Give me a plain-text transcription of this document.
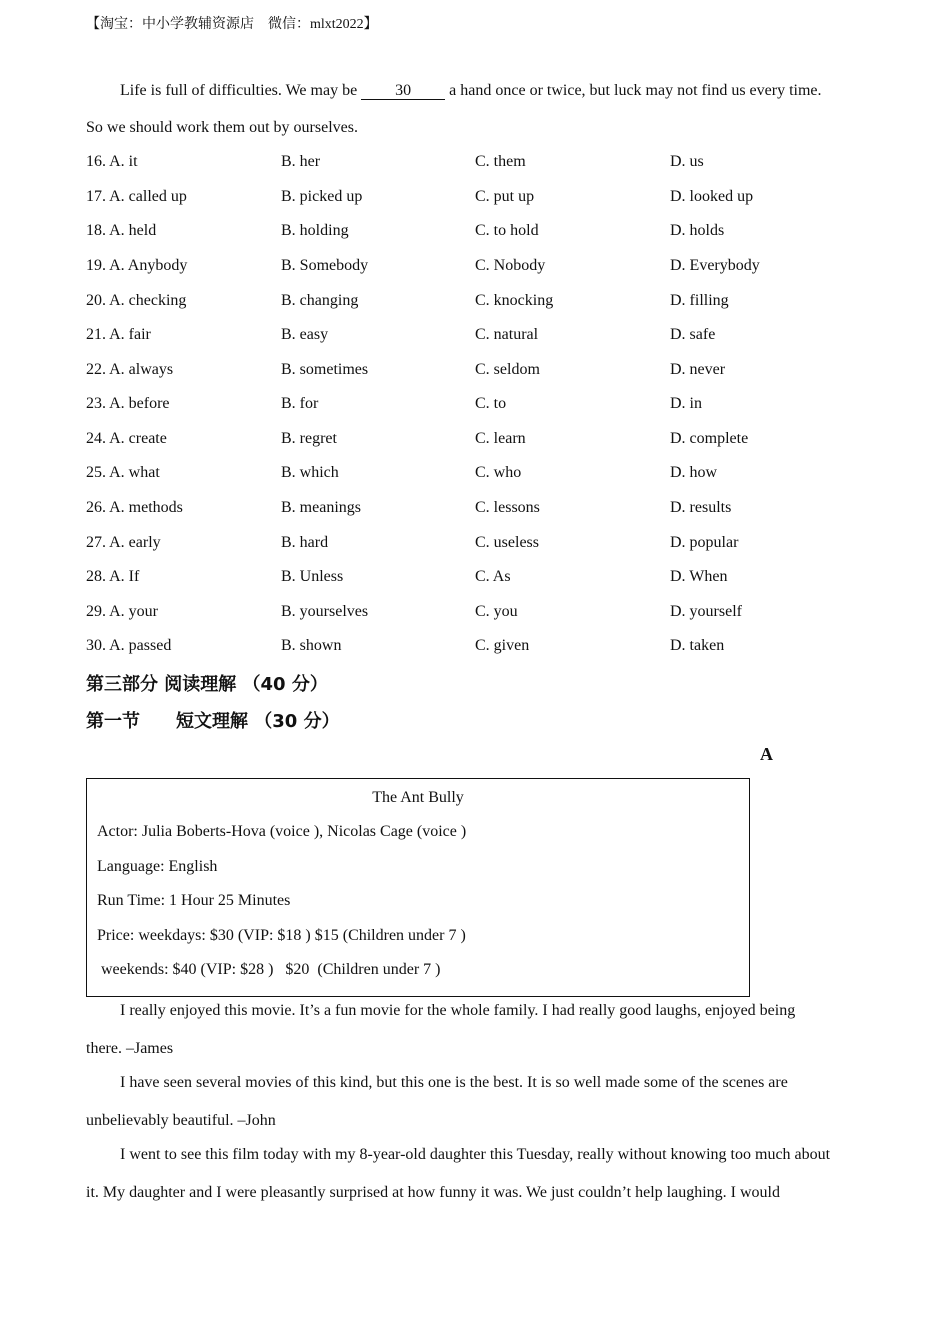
【淘宝：中小学教辅资源店　微信：mlxt2022】
Life is full of difficulties. We may be 30 a hand once or twice, but luck may not find us every time.
So we should work them out by ourselves.
16. A. it	B. her	C. them	D. us
17. A. called up	B. picked up	C. put up	D. looked up
18. A. held	B. holding	C. to hold	D. holds
19. A. Anybody	B. Somebody	C. Nobody	D. Everybody
20. A. checking	B. changing	C. knocking	D. filling
21. A. fair	B. easy	C. natural	D. safe
22. A. always	B. sometimes	C. seldom	D. never
23. A. before	B. for	C. to	D. in
24. A. create	B. regret	C. learn	D. complete
25. A. what	B. which	C. who	D. how
26. A. methods	B. meanings	C. lessons	D. results
27. A. early	B. hard	C. useless	D. popular
28. A. If	B. Unless	C. As	D. When
29. A. your	B. yourselves	C. you	D. yourself
30. A. passed	B. shown	C. given	D. taken
第三部分 阅读理解 （40 分）
第一节　　短文理解 （30 分）
A
The Ant Bully
Actor: Julia Boberts-Hova (voice ), Nicolas Cage (voice )
Language: English
Run Time: 1 Hour 25 Minutes
Price: weekdays: $30 (VIP: $18 ) $15 (Children under 7 )
weekends: $40 (VIP: $28 )   $20  (Children under 7 )
I really enjoyed this movie. It’s a fun movie for the whole family. I had really good laughs, enjoyed being
there. –James
I have seen several movies of this kind, but this one is the best. It is so well made some of the scenes are
unbelievably beautiful. –John
I went to see this film today with my 8-year-old daughter this Tuesday, really without knowing too much about
it. My daughter and I were pleasantly surprised at how funny it was. We just couldn’t help laughing. I would
